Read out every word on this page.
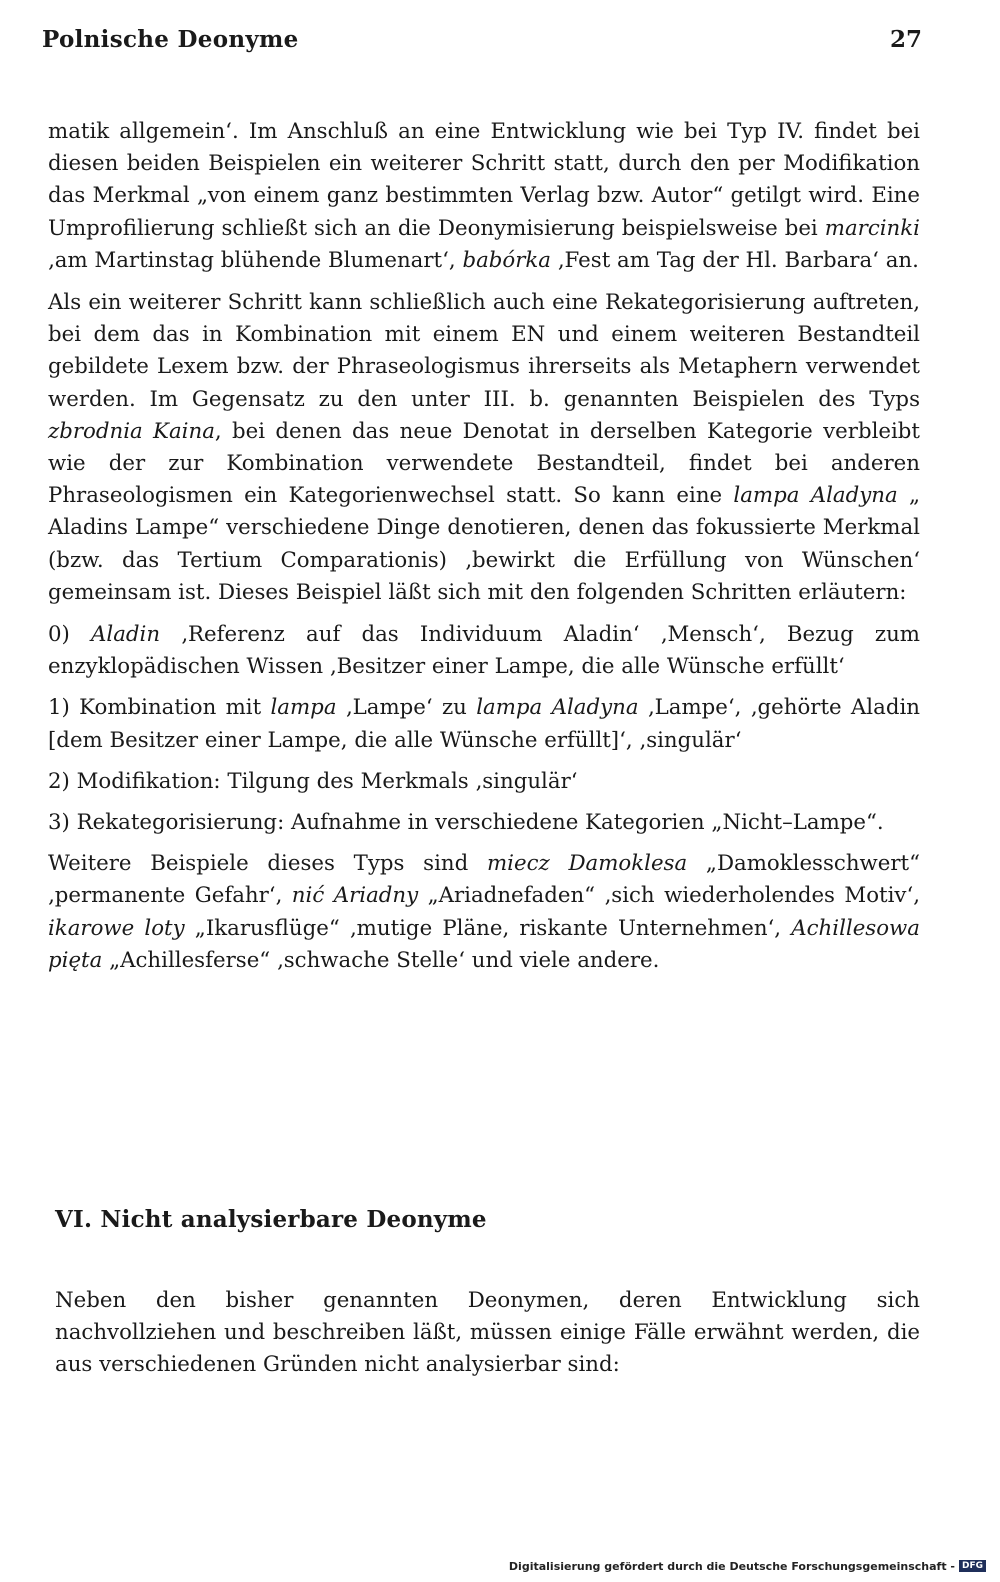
Polnische Deonyme	27

matik allgemein‘. Im Anschluß an eine Entwicklung wie bei Typ IV. findet bei diesen beiden Beispielen ein weiterer Schritt statt, durch den per Modifikation das Merkmal „von einem ganz bestimmten Verlag bzw. Autor“ getilgt wird. Eine Umprofilierung schließt sich an die Deonymisierung beispielsweise bei marcinki ‚am Martinstag blühende Blumenart‘, babórka ‚Fest am Tag der Hl. Barbara‘ an.

Als ein weiterer Schritt kann schließlich auch eine Rekategorisierung auftreten, bei dem das in Kombination mit einem EN und einem weiteren Bestandteil gebildete Lexem bzw. der Phraseologismus ihrerseits als Metaphern verwendet werden. Im Gegensatz zu den unter III. b. genannten Beispielen des Typs zbrodnia Kaina, bei denen das neue Denotat in derselben Kategorie verbleibt wie der zur Kombination verwendete Bestandteil, findet bei anderen Phraseologismen ein Kategorienwechsel statt. So kann eine lampa Aladyna „ Aladins Lampe“ verschiedene Dinge denotieren, denen das fokussierte Merkmal (bzw. das Tertium Comparationis) ‚bewirkt die Erfüllung von Wünschen‘ gemeinsam ist. Dieses Beispiel läßt sich mit den folgenden Schritten erläutern:

0) Aladin ‚Referenz auf das Individuum Aladin‘ ‚Mensch‘, Bezug zum enzyklopädischen Wissen ‚Besitzer einer Lampe, die alle Wünsche erfüllt‘

1) Kombination mit lampa ‚Lampe‘ zu lampa Aladyna ‚Lampe‘, ‚gehörte Aladin [dem Besitzer einer Lampe, die alle Wünsche erfüllt]‘, ‚singulär‘

2) Modifikation: Tilgung des Merkmals ‚singulär‘

3) Rekategorisierung: Aufnahme in verschiedene Kategorien „Nicht–Lampe“.

Weitere Beispiele dieses Typs sind miecz Damoklesa „Damoklesschwert“ ‚permanente Gefahr‘, nić Ariadny „Ariadnefaden“ ‚sich wiederholendes Motiv‘, ikarowe loty „Ikarusflüge“ ‚mutige Pläne, riskante Unternehmen‘, Achillesowa pięta „Achillesferse“ ‚schwache Stelle‘ und viele andere.

VI. Nicht analysierbare Deonyme

Neben den bisher genannten Deonymen, deren Entwicklung sich nachvollziehen und beschreiben läßt, müssen einige Fälle erwähnt werden, die aus verschiedenen Gründen nicht analysierbar sind:

Digitalisierung gefördert durch die Deutsche Forschungsgemeinschaft - DFG
